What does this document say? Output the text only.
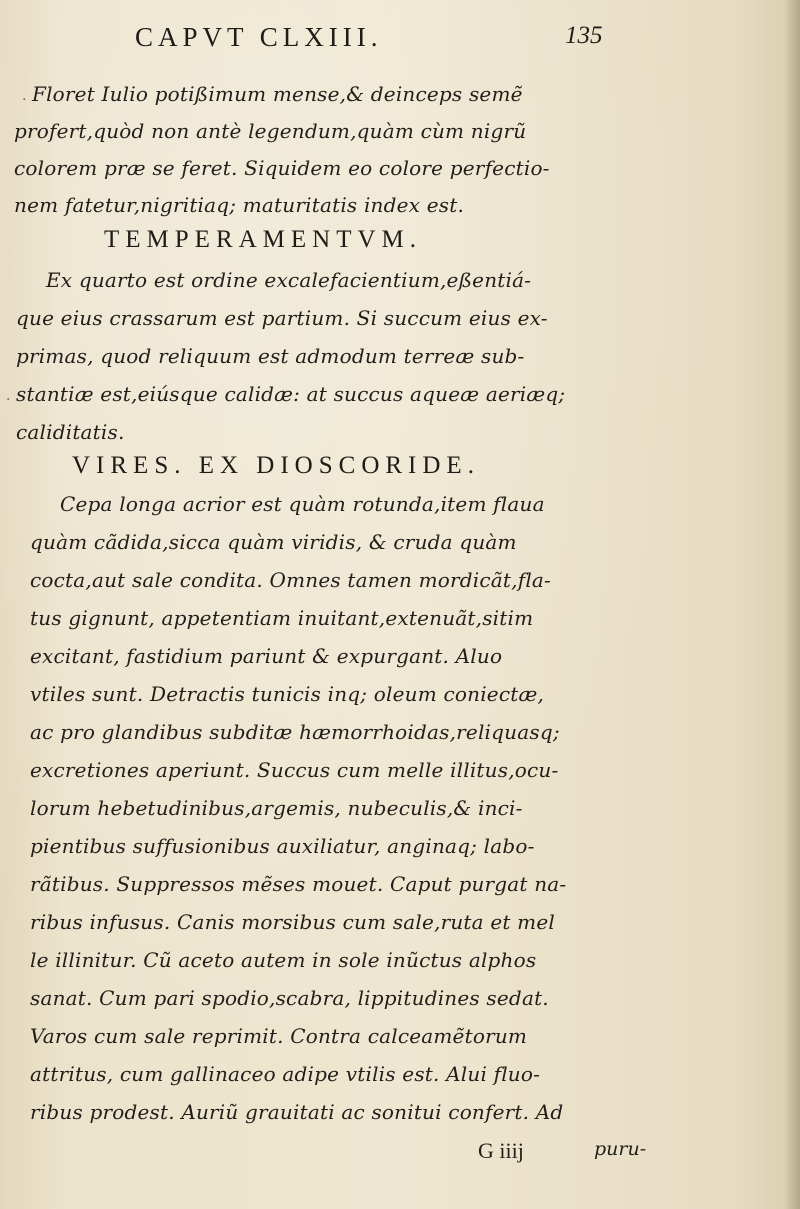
CAPVT CLXIII.	135
Floret Iulio potißimum mense,& deinceps semẽ
profert,quòd non antè legendum,quàm cùm nigrũ
colorem præ se feret. Siquidem eo colore perfectio-
nem fatetur,nigritiaq; maturitatis index est.
TEMPERAMENTVM.
Ex quarto est ordine excalefacientium,eßentiá-
que eius crassarum est partium. Si succum eius ex-
primas, quod reliquum est admodum terreæ sub-
stantiæ est,eiúsque calidæ: at succus aqueæ aeriæq;
caliditatis.
VIRES. EX DIOSCORIDE.
Cepa longa acrior est quàm rotunda,item flaua
quàm cãdida,sicca quàm viridis, & cruda quàm
cocta,aut sale condita. Omnes tamen mordicãt,fla-
tus gignunt, appetentiam inuitant,extenuãt,sitim
excitant, fastidium pariunt & expurgant. Aluo
vtiles sunt. Detractis tunicis inq; oleum coniectæ,
ac pro glandibus subditæ hæmorrhoidas,reliquasq;
excretiones aperiunt. Succus cum melle illitus,ocu-
lorum hebetudinibus,argemis, nubeculis,& inci-
pientibus suffusionibus auxiliatur, anginaq; labo-
rãtibus. Suppressos mẽses mouet. Caput purgat na-
ribus infusus. Canis morsibus cum sale,ruta et mel
le illinitur. Cũ aceto autem in sole inũctus alphos
sanat. Cum pari spodio,scabra, lippitudines sedat.
Varos cum sale reprimit. Contra calceamẽtorum
attritus, cum gallinaceo adipe vtilis est. Alui fluo-
ribus prodest. Auriũ grauitati ac sonitui confert. Ad
·
·
G iiij	puru-
